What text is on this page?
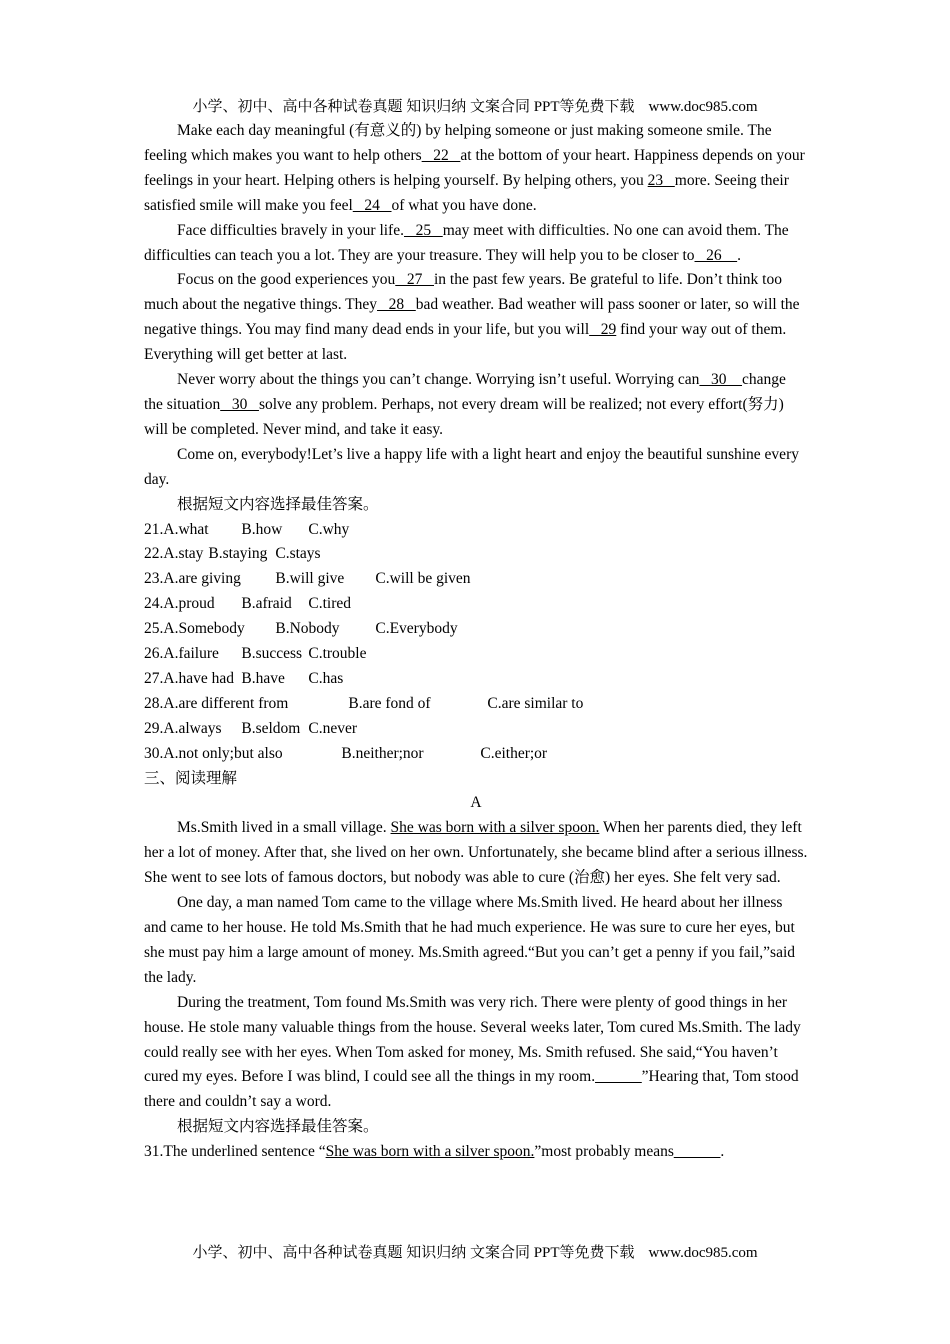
小学、初中、高中各种试卷真题 知识归纳 文案合同 PPT等免费下载 www.doc985.com

Make each day meaningful (有意义的) by helping someone or just making someone smile. The feeling which makes you want to help others   22   at the bottom of your heart. Happiness depends on your feelings in your heart. Helping others is helping yourself. By helping others, you 23   more. Seeing their satisfied smile will make you feel   24   of what you have done.

Face difficulties bravely in your life.   25   may meet with difficulties. No one can avoid them. The difficulties can teach you a lot. They are your treasure. They will help you to be closer to   26    .

Focus on the good experiences you   27   in the past few years. Be grateful to life. Don’t think too much about the negative things. They   28   bad weather. Bad weather will pass sooner or later, so will the negative things. You may find many dead ends in your life, but you will   29 find your way out of them. Everything will get better at last.

Never worry about the things you can’t change. Worrying isn’t useful. Worrying can   30    change the situation   30   solve any problem. Perhaps, not every dream will be realized; not every effort(努力) will be completed. Never mind, and take it easy.

Come on, everybody!Let’s live a happy life with a light heart and enjoy the beautiful sunshine every day.

根据短文内容选择最佳答案。

21. A.what	B.how	C.why
22. A.stay B.staying C.stays
23. A.are giving	B.will give	C.will be given
24. A.proud	B.afraid	C.tired
25. A.Somebody	B.Nobody	C.Everybody
26. A.failure	B.success C.trouble
27. A.have had B.have	C.has
28. A.are different from	B.are fond of	C.are similar to
29. A.always	B.seldom C.never
30. A.not only;but also	B.neither;nor	C.either;or

三、阅读理解

A

Ms.Smith lived in a small village. She was born with a silver spoon. When her parents died, they left her a lot of money. After that, she lived on her own. Unfortunately, she became blind after a serious illness. She went to see lots of famous doctors, but nobody was able to cure (治愈) her eyes. She felt very sad.

One day, a man named Tom came to the village where Ms.Smith lived. He heard about her illness and came to her house. He told Ms.Smith that he had much experience. He was sure to cure her eyes, but she must pay him a large amount of money. Ms.Smith agreed.“But you can’t get a penny if you fail,”said the lady.

During the treatment, Tom found Ms.Smith was very rich. There were plenty of good things in her house. He stole many valuable things from the house. Several weeks later, Tom cured Ms.Smith. The lady could really see with her eyes. When Tom asked for money, Ms. Smith refused. She said,“You haven’t cured my eyes. Before I was blind, I could see all the things in my room.______”Hearing that, Tom stood there and couldn’t say a word.

根据短文内容选择最佳答案。

31.The underlined sentence “She was born with a silver spoon.”most probably means______.

小学、初中、高中各种试卷真题 知识归纳 文案合同 PPT等免费下载 www.doc985.com
